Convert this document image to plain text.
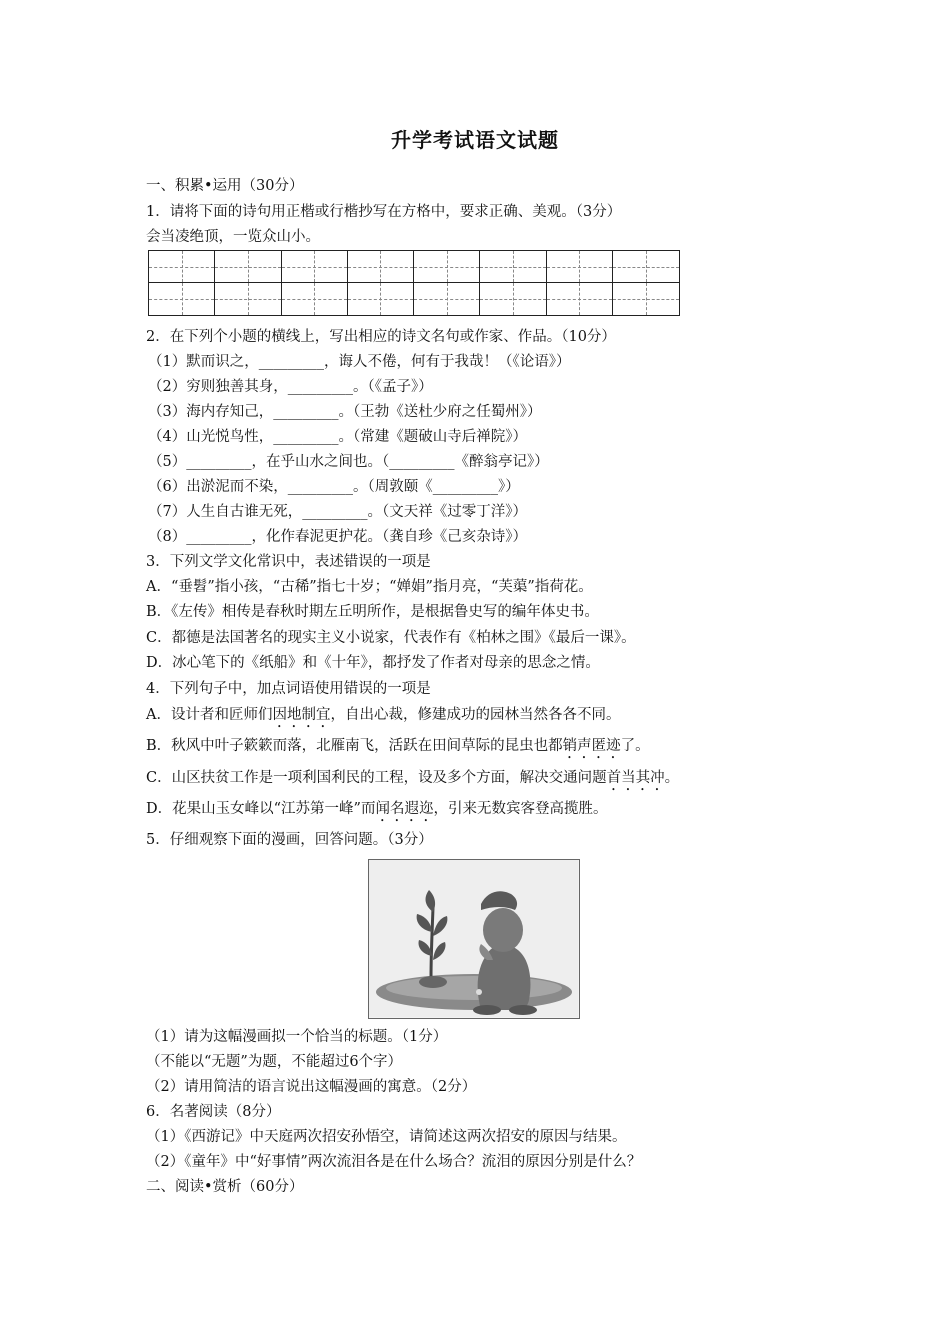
升学考试语文试题
一、积累•运用（30分）
1．请将下面的诗句用正楷或行楷抄写在方格中，要求正确、美观。（3分）
会当凌绝顶，一览众山小。
2．在下列个小题的横线上，写出相应的诗文名句或作家、作品。（10分）
（1）默而识之，_________，诲人不倦，何有于我哉！（《论语》）
（2）穷则独善其身，_________。（《孟子》）
（3）海内存知己，_________。（王勃《送杜少府之任蜀州》）
（4）山光悦鸟性，_________。（常建《题破山寺后禅院》）
（5）_________，在乎山水之间也。（_________《醉翁亭记》）
（6）出淤泥而不染，_________。（周敦颐《_________》）
（7）人生自古谁无死，_________。（文天祥《过零丁洋》）
（8）_________，化作春泥更护花。（龚自珍《己亥杂诗》）
3．下列文学文化常识中，表述错误的一项是
A．“垂髫”指小孩，“古稀”指七十岁；“婵娟”指月亮，“芙蕖”指荷花。
B．《左传》相传是春秋时期左丘明所作，是根据鲁史写的编年体史书。
C．都德是法国著名的现实主义小说家，代表作有《柏林之围》《最后一课》。
D．冰心笔下的《纸船》和《十年》，都抒发了作者对母亲的思念之情。
4．下列句子中，加点词语使用错误的一项是
A．设计者和匠师们因地制宜，自出心裁，修建成功的园林当然各各不同。
B．秋风中叶子簌簌而落，北雁南飞，活跃在田间草际的昆虫也都销声匿迹了。
C．山区扶贫工作是一项利国利民的工程，设及多个方面，解决交通问题首当其冲。
D．花果山玉女峰以“江苏第一峰”而闻名遐迩，引来无数宾客登高揽胜。
5．仔细观察下面的漫画，回答问题。（3分）
（1）请为这幅漫画拟一个恰当的标题。（1分）
（不能以“无题”为题，不能超过6个字）
（2）请用简洁的语言说出这幅漫画的寓意。（2分）
6．名著阅读（8分）
（1）《西游记》中天庭两次招安孙悟空，请简述这两次招安的原因与结果。
（2）《童年》中“好事情”两次流泪各是在什么场合？流泪的原因分别是什么？
二、阅读•赏析（60分）
